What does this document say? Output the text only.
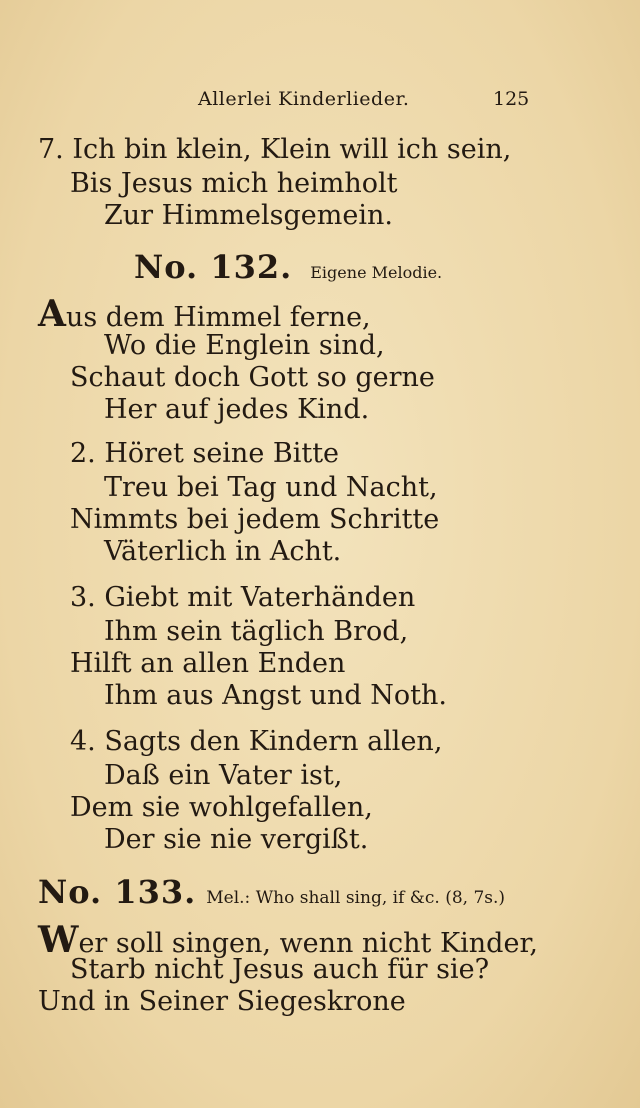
Allerlei Kinderlieder.	125
7. Ich bin klein, Klein will ich sein,
Bis Jesus mich heimholt
Zur Himmelsgemein.
No. 132. Eigene Melodie.
Aus dem Himmel ferne,
Wo die Englein sind,
Schaut doch Gott so gerne
Her auf jedes Kind.
2. Höret seine Bitte
Treu bei Tag und Nacht,
Nimmts bei jedem Schritte
Väterlich in Acht.
3. Giebt mit Vaterhänden
Ihm sein täglich Brod,
Hilft an allen Enden
Ihm aus Angst und Noth.
4. Sagts den Kindern allen,
Daß ein Vater ist,
Dem sie wohlgefallen,
Der sie nie vergißt.
No. 133. Mel.: Who shall sing, if &c. (8, 7s.)
Wer soll singen, wenn nicht Kinder,
Starb nicht Jesus auch für sie?
Und in Seiner Siegeskrone
